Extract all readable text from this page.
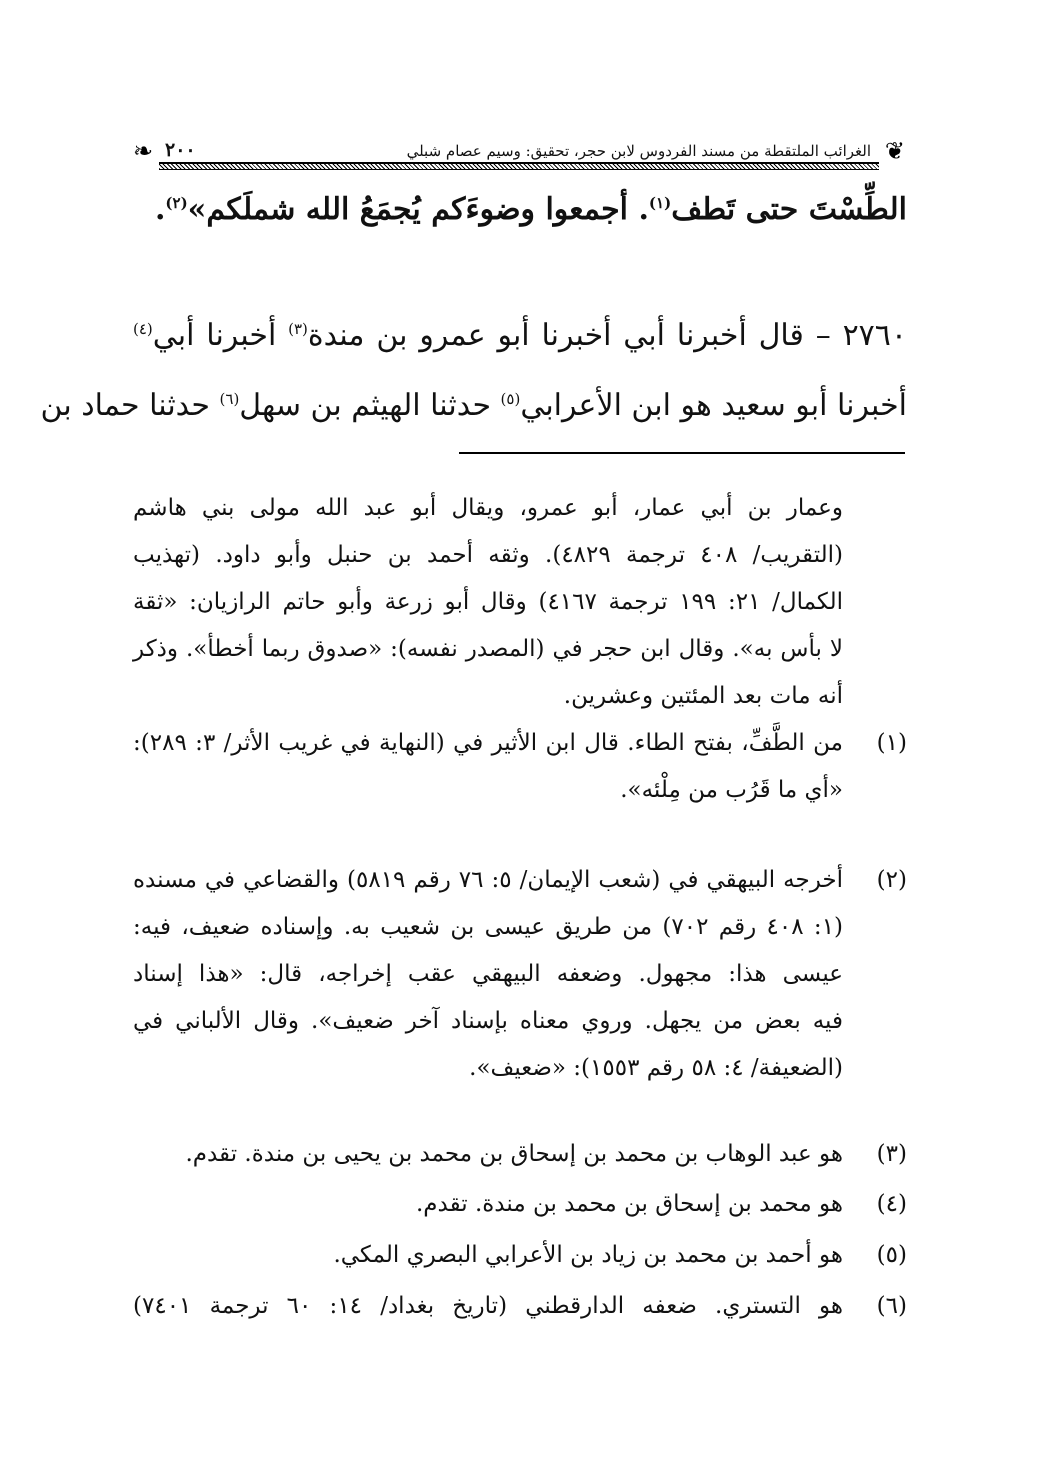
❦
الغرائب الملتقطة من مسند الفردوس لابن حجر، تحقيق: وسيم عصام شبلي
٢٠٠
❧
الطِّسْتَ حتى تَطف$^{(١)}$. أجمعوا وضوءَكم يُجمَعُ الله شملَكم»$^{(٢)}$.
٢٧٦٠ – قال أخبرنا أبي أخبرنا أبو عمرو بن مندة$^{(٣)}$ أخبرنا أبي$^{(٤)}$
أخبرنا أبو سعيد هو ابن الأعرابي$^{(٥)}$ حدثنا الهيثم بن سهل$^{(٦)}$ حدثنا حماد بن
وعمار بن أبي عمار، أبو عمرو، ويقال أبو عبد الله مولى بني هاشم
(التقريب/ ٤٠٨ ترجمة ٤٨٢٩). وثقه أحمد بن حنبل وأبو داود. (تهذيب
الكمال/ ٢١: ١٩٩ ترجمة ٤١٦٧) وقال أبو زرعة وأبو حاتم الرازيان: «ثقة
لا بأس به». وقال ابن حجر في (المصدر نفسه): «صدوق ربما أخطأ». وذكر
أنه مات بعد المئتين وعشرين.
(١)
من الطَّفِّ، بفتح الطاء. قال ابن الأثير في (النهاية في غريب الأثر/ ٣: ٢٨٩):
«أي ما قَرُب من مِلْئه».
(٢)
أخرجه البيهقي في (شعب الإيمان/ ٥: ٧٦ رقم ٥٨١٩) والقضاعي في مسنده
(١: ٤٠٨ رقم ٧٠٢) من طريق عيسى بن شعيب به. وإسناده ضعيف، فيه:
عيسى هذا: مجهول. وضعفه البيهقي عقب إخراجه، قال: «هذا إسناد
فيه بعض من يجهل. وروي معناه بإسناد آخر ضعيف». وقال الألباني في
(الضعيفة/ ٤: ٥٨ رقم ١٥٥٣): «ضعيف».
(٣)
هو عبد الوهاب بن محمد بن إسحاق بن محمد بن يحيى بن مندة. تقدم.
(٤)
هو محمد بن إسحاق بن محمد بن مندة. تقدم.
(٥)
هو أحمد بن محمد بن زياد بن الأعرابي البصري المكي.
(٦)
هو التستري. ضعفه الدارقطني (تاريخ بغداد/ ١٤: ٦٠ ترجمة ٧٤٠١)
